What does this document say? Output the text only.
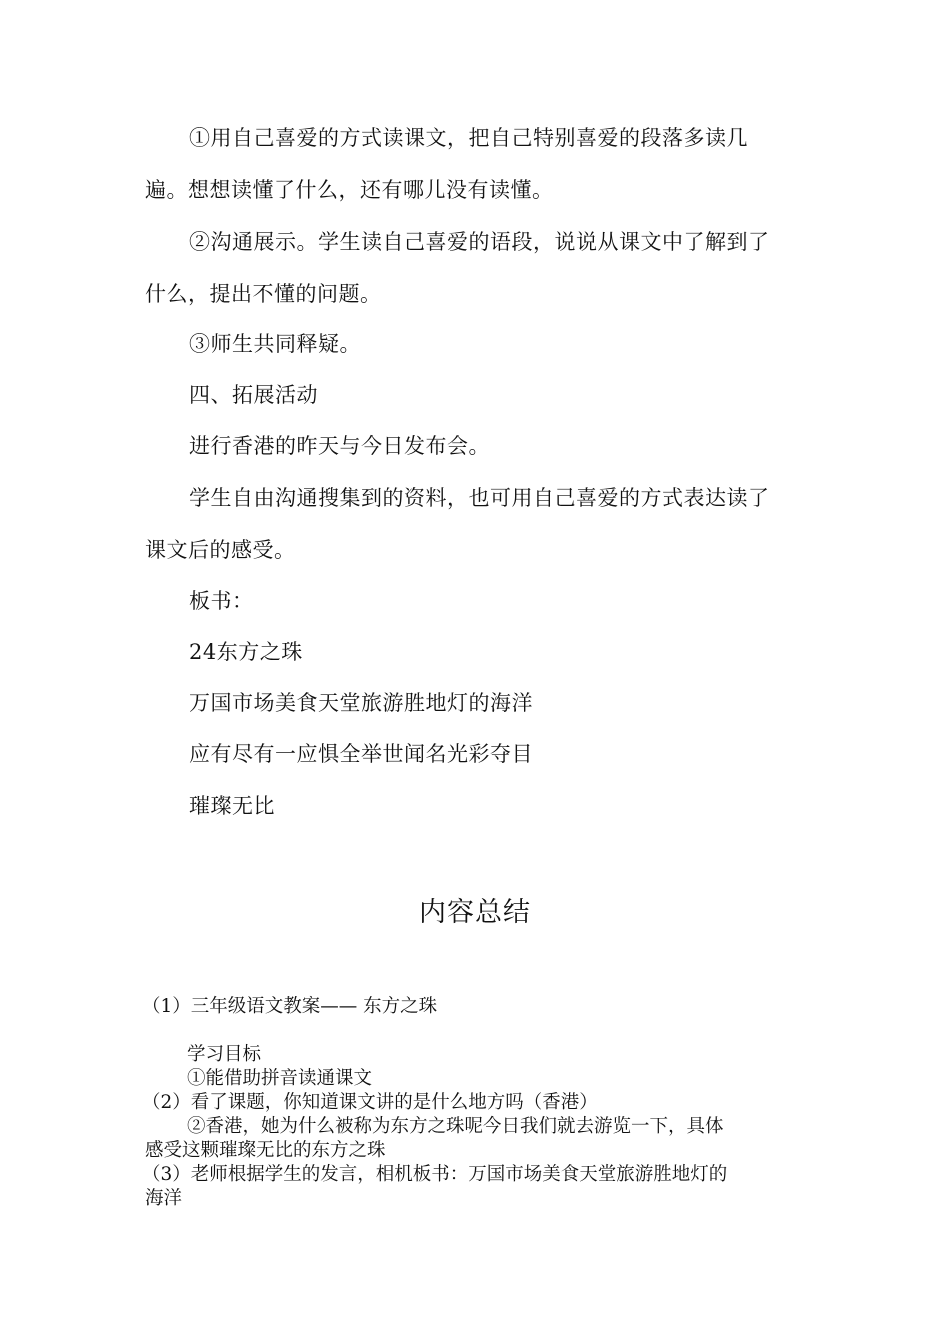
①用自己喜爱的方式读课文，把自己特别喜爱的段落多读几
遍。想想读懂了什么，还有哪儿没有读懂。
②沟通展示。学生读自己喜爱的语段，说说从课文中了解到了
什么，提出不懂的问题。
③师生共同释疑。
四、拓展活动
进行香港的昨天与今日发布会。
学生自由沟通搜集到的资料，也可用自己喜爱的方式表达读了
课文后的感受。
板书：
24东方之珠
万国市场美食天堂旅游胜地灯的海洋
应有尽有一应惧全举世闻名光彩夺目
璀璨无比
内容总结
（1）三年级语文教案—— 东方之珠
学习目标
①能借助拼音读通课文
（2）看了课题，你知道课文讲的是什么地方吗（香港）
②香港，她为什么被称为东方之珠呢今日我们就去游览一下，具体
感受这颗璀璨无比的东方之珠
（3）老师根据学生的发言，相机板书：万国市场美食天堂旅游胜地灯的
海洋
